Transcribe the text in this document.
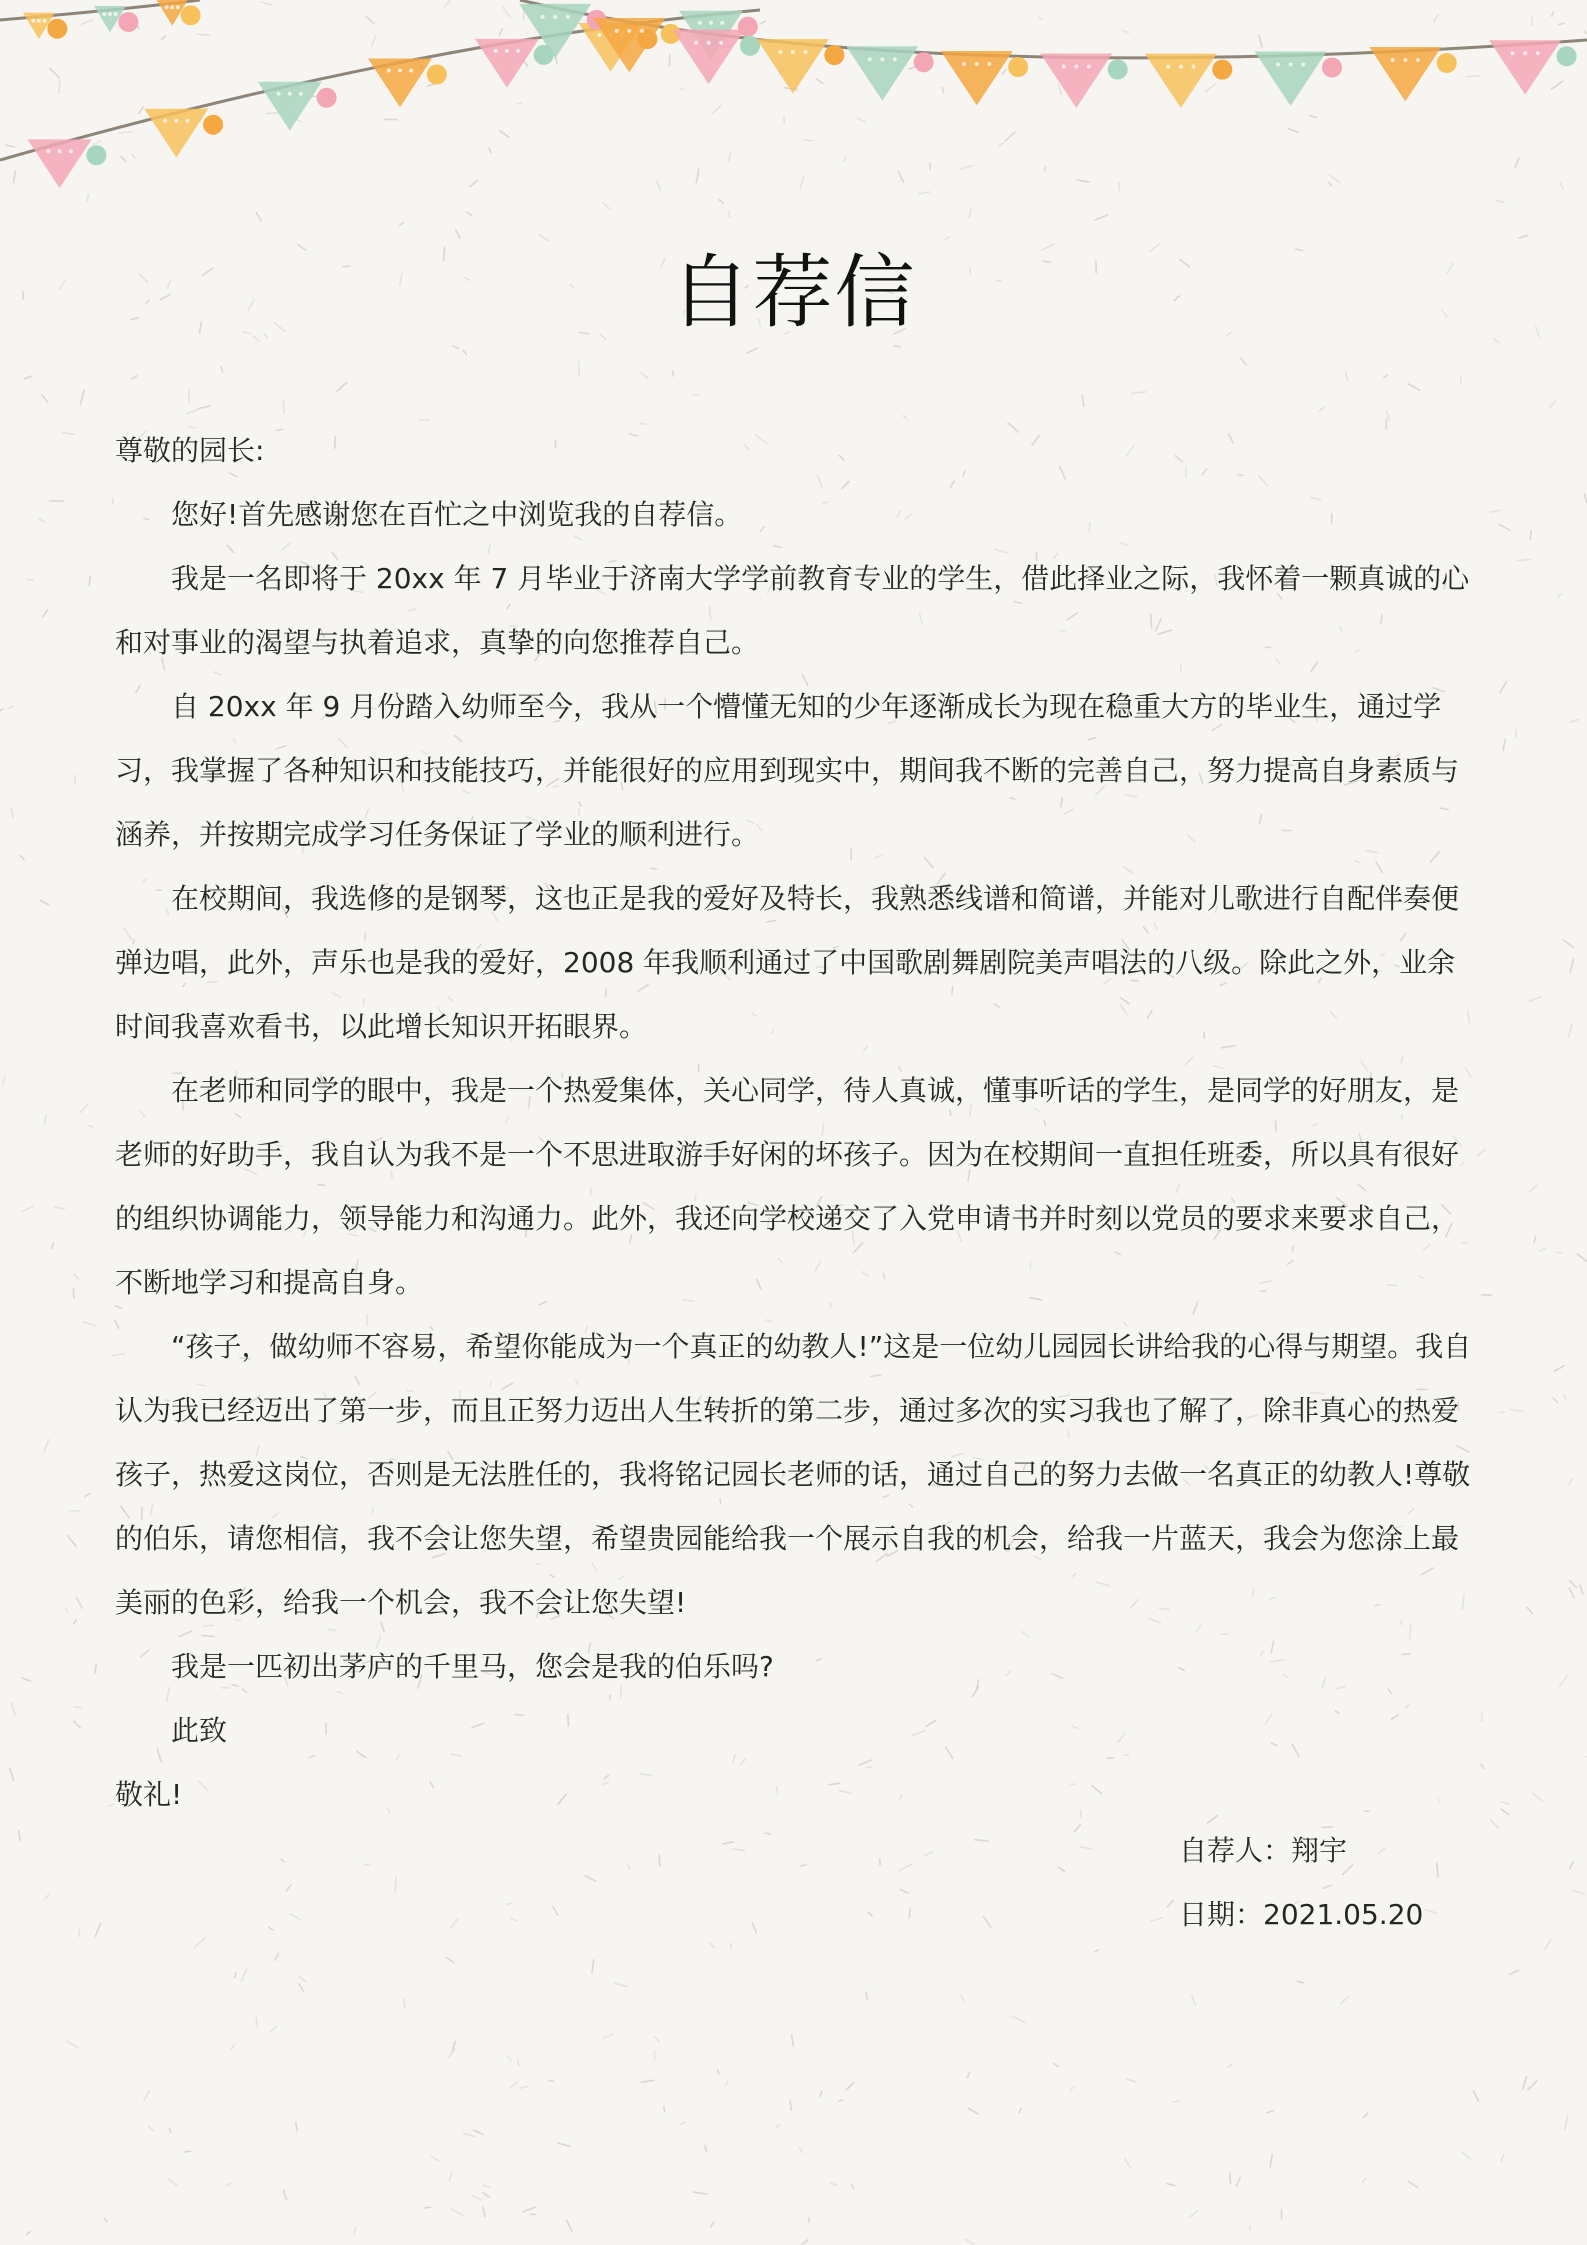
自荐信

尊敬的园长:

您好!首先感谢您在百忙之中浏览我的自荐信。

我是一名即将于 20xx 年 7 月毕业于济南大学学前教育专业的学生，借此择业之际，我怀着一颗真诚的心和对事业的渴望与执着追求，真挚的向您推荐自己。

自 20xx 年 9 月份踏入幼师至今，我从一个懵懂无知的少年逐渐成长为现在稳重大方的毕业生，通过学习，我掌握了各种知识和技能技巧，并能很好的应用到现实中，期间我不断的完善自己，努力提高自身素质与涵养，并按期完成学习任务保证了学业的顺利进行。

在校期间，我选修的是钢琴，这也正是我的爱好及特长，我熟悉线谱和简谱，并能对儿歌进行自配伴奏便弹边唱，此外，声乐也是我的爱好，2008 年我顺利通过了中国歌剧舞剧院美声唱法的八级。除此之外，业余时间我喜欢看书，以此增长知识开拓眼界。

在老师和同学的眼中，我是一个热爱集体，关心同学，待人真诚，懂事听话的学生，是同学的好朋友，是老师的好助手，我自认为我不是一个不思进取游手好闲的坏孩子。因为在校期间一直担任班委，所以具有很好的组织协调能力，领导能力和沟通力。此外，我还向学校递交了入党申请书并时刻以党员的要求来要求自己，不断地学习和提高自身。

“孩子，做幼师不容易，希望你能成为一个真正的幼教人!”这是一位幼儿园园长讲给我的心得与期望。我自认为我已经迈出了第一步，而且正努力迈出人生转折的第二步，通过多次的实习我也了解了，除非真心的热爱孩子，热爱这岗位，否则是无法胜任的，我将铭记园长老师的话，通过自己的努力去做一名真正的幼教人!尊敬的伯乐，请您相信，我不会让您失望，希望贵园能给我一个展示自我的机会，给我一片蓝天，我会为您涂上最美丽的色彩，给我一个机会，我不会让您失望!

我是一匹初出茅庐的千里马，您会是我的伯乐吗?

此致

敬礼!

自荐人：翔宇

日期：2021.05.20
